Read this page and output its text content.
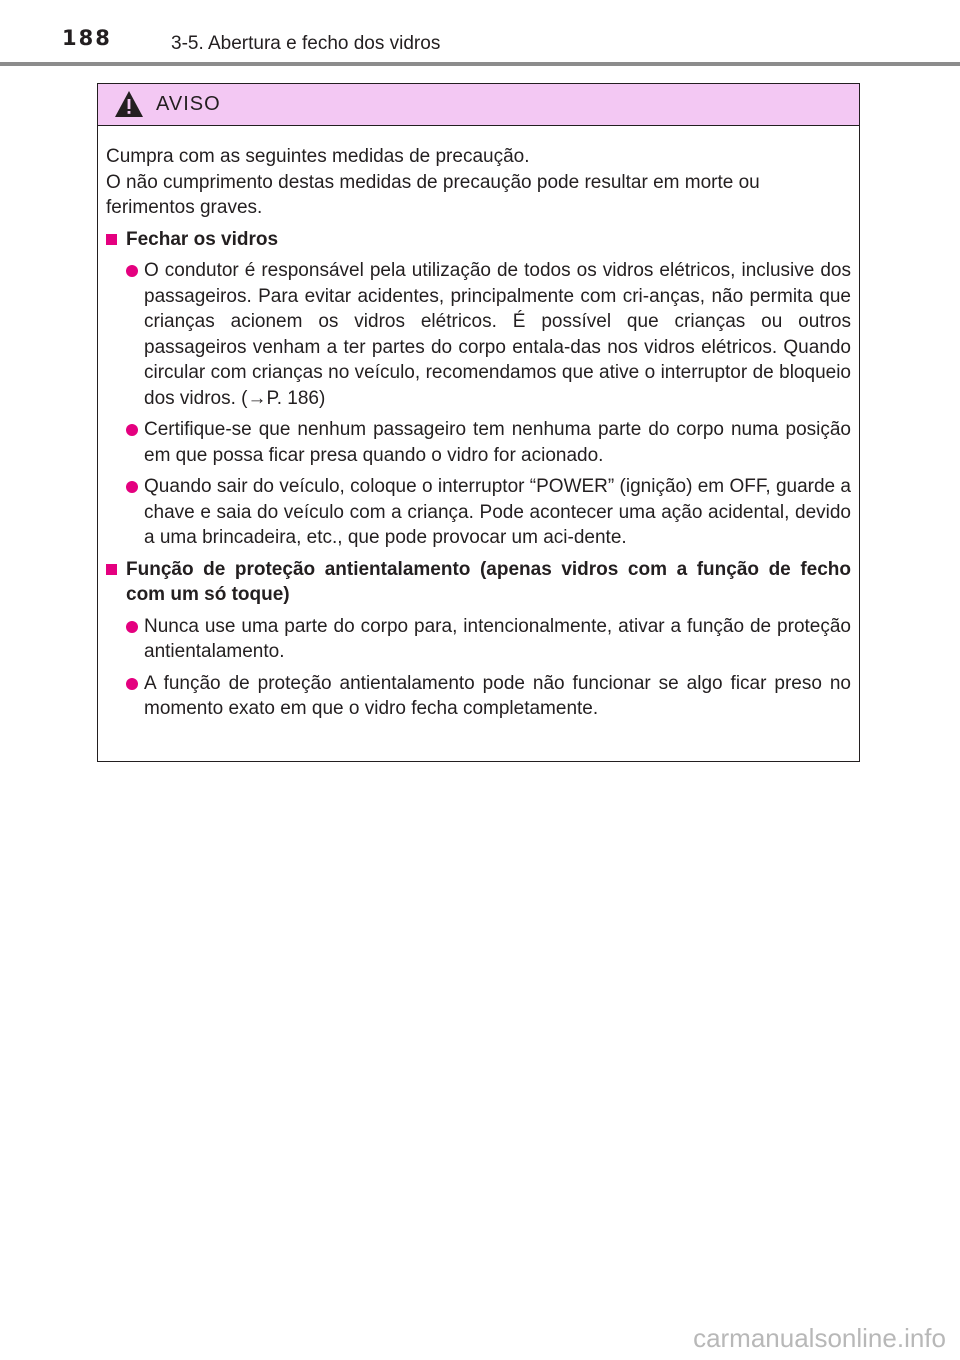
188	3-5. Abertura e fecho dos vidros
AVISO
Cumpra com as seguintes medidas de precaução.
O não cumprimento destas medidas de precaução pode resultar em morte ou ferimentos graves.
Fechar os vidros
O condutor é responsável pela utilização de todos os vidros elétricos, inclusive dos passageiros. Para evitar acidentes, principalmente com cri-anças, não permita que crianças acionem os vidros elétricos. É possível que crianças ou outros passageiros venham a ter partes do corpo entala-das nos vidros elétricos. Quando circular com crianças no veículo, recomendamos que ative o interruptor de bloqueio dos vidros. (→P. 186)
Certifique-se que nenhum passageiro tem nenhuma parte do corpo numa posição em que possa ficar presa quando o vidro for acionado.
Quando sair do veículo, coloque o interruptor “POWER” (ignição) em OFF, guarde a chave e saia do veículo com a criança. Pode acontecer uma ação acidental, devido a uma brincadeira, etc., que pode provocar um aci-dente.
Função de proteção antientalamento (apenas vidros com a função de fecho com um só toque)
Nunca use uma parte do corpo para, intencionalmente, ativar a função de proteção antientalamento.
A função de proteção antientalamento pode não funcionar se algo ficar preso no momento exato em que o vidro fecha completamente.
carmanualsonline.info
